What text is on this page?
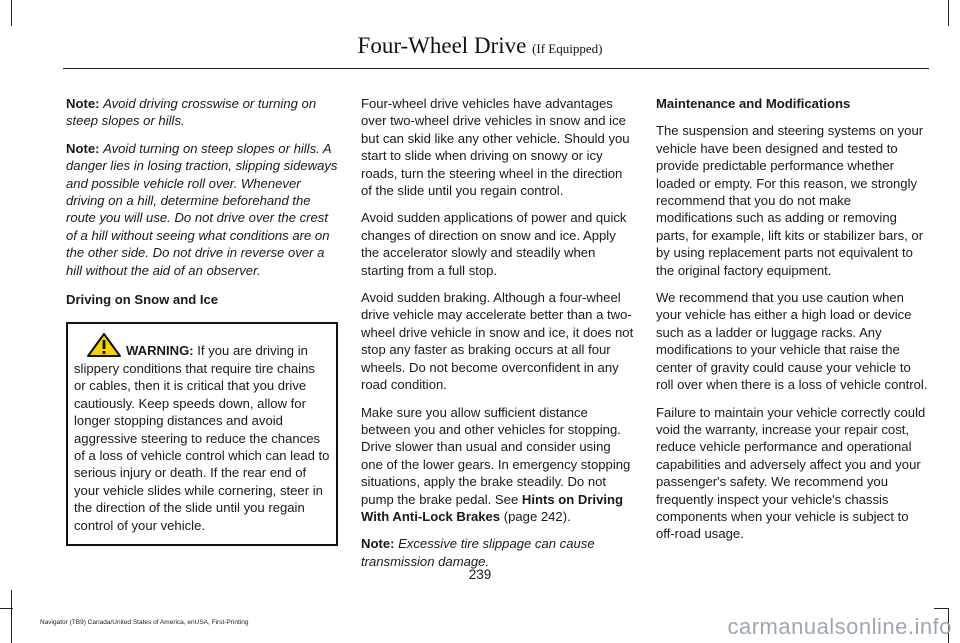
Four-Wheel Drive (If Equipped)

Note: Avoid driving crosswise or turning on steep slopes or hills.

Note: Avoid turning on steep slopes or hills. A danger lies in losing traction, slipping sideways and possible vehicle roll over. Whenever driving on a hill, determine beforehand the route you will use. Do not drive over the crest of a hill without seeing what conditions are on the other side. Do not drive in reverse over a hill without the aid of an observer.

Driving on Snow and Ice

WARNING: If you are driving in slippery conditions that require tire chains or cables, then it is critical that you drive cautiously. Keep speeds down, allow for longer stopping distances and avoid aggressive steering to reduce the chances of a loss of vehicle control which can lead to serious injury or death. If the rear end of your vehicle slides while cornering, steer in the direction of the slide until you regain control of your vehicle.

Four-wheel drive vehicles have advantages over two-wheel drive vehicles in snow and ice but can skid like any other vehicle. Should you start to slide when driving on snowy or icy roads, turn the steering wheel in the direction of the slide until you regain control.

Avoid sudden applications of power and quick changes of direction on snow and ice. Apply the accelerator slowly and steadily when starting from a full stop.

Avoid sudden braking. Although a four-wheel drive vehicle may accelerate better than a two-wheel drive vehicle in snow and ice, it does not stop any faster as braking occurs at all four wheels. Do not become overconfident in any road condition.

Make sure you allow sufficient distance between you and other vehicles for stopping. Drive slower than usual and consider using one of the lower gears. In emergency stopping situations, apply the brake steadily. Do not pump the brake pedal. See Hints on Driving With Anti-Lock Brakes (page 242).

Note: Excessive tire slippage can cause transmission damage.

Maintenance and Modifications

The suspension and steering systems on your vehicle have been designed and tested to provide predictable performance whether loaded or empty. For this reason, we strongly recommend that you do not make modifications such as adding or removing parts, for example, lift kits or stabilizer bars, or by using replacement parts not equivalent to the original factory equipment.

We recommend that you use caution when your vehicle has either a high load or device such as a ladder or luggage racks. Any modifications to your vehicle that raise the center of gravity could cause your vehicle to roll over when there is a loss of vehicle control.

Failure to maintain your vehicle correctly could void the warranty, increase your repair cost, reduce vehicle performance and operational capabilities and adversely affect you and your passenger's safety. We recommend you frequently inspect your vehicle's chassis components when your vehicle is subject to off-road usage.

239
Navigator (TB9) Canada/United States of America, enUSA, First-Printing	carmanualsonline.info
